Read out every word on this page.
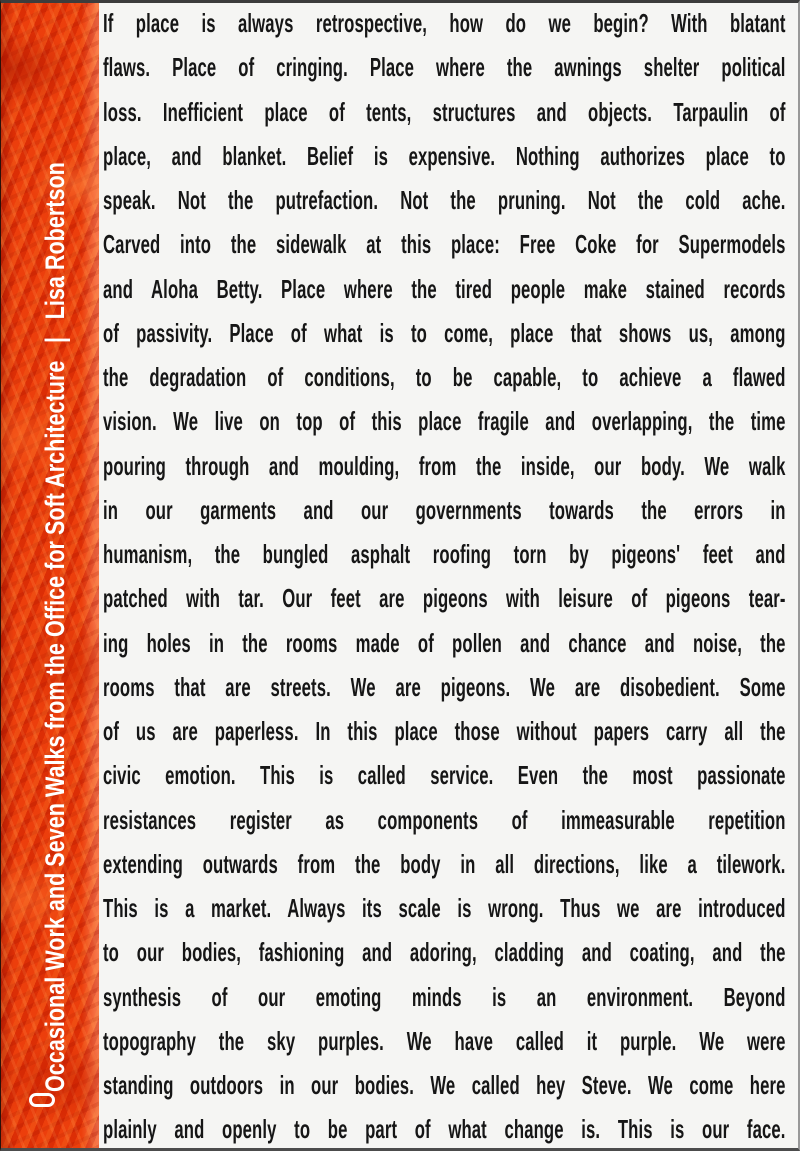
Occasional Work and Seven Walks from the Office for Soft Architecture|Lisa Robertson
If place is always retrospective, how do we begin? With blatant
flaws. Place of cringing. Place where the awnings shelter political
loss. Inefficient place of tents, structures and objects. Tarpaulin of
place, and blanket. Belief is expensive. Nothing authorizes place to
speak. Not the putrefaction. Not the pruning. Not the cold ache.
Carved into the sidewalk at this place: Free Coke for Supermodels
and Aloha Betty. Place where the tired people make stained records
of passivity. Place of what is to come, place that shows us, among
the degradation of conditions, to be capable, to achieve a flawed
vision. We live on top of this place fragile and overlapping, the time
pouring through and moulding, from the inside, our body. We walk
in our garments and our governments towards the errors in
humanism, the bungled asphalt roofing torn by pigeons' feet and
patched with tar. Our feet are pigeons with leisure of pigeons tear-
ing holes in the rooms made of pollen and chance and noise, the
rooms that are streets. We are pigeons. We are disobedient. Some
of us are paperless. In this place those without papers carry all the
civic emotion. This is called service. Even the most passionate
resistances register as components of immeasurable repetition
extending outwards from the body in all directions, like a tilework.
This is a market. Always its scale is wrong. Thus we are introduced
to our bodies, fashioning and adoring, cladding and coating, and the
synthesis of our emoting minds is an environment. Beyond
topography the sky purples. We have called it purple. We were
standing outdoors in our bodies. We called hey Steve. We come here
plainly and openly to be part of what change is. This is our face.
